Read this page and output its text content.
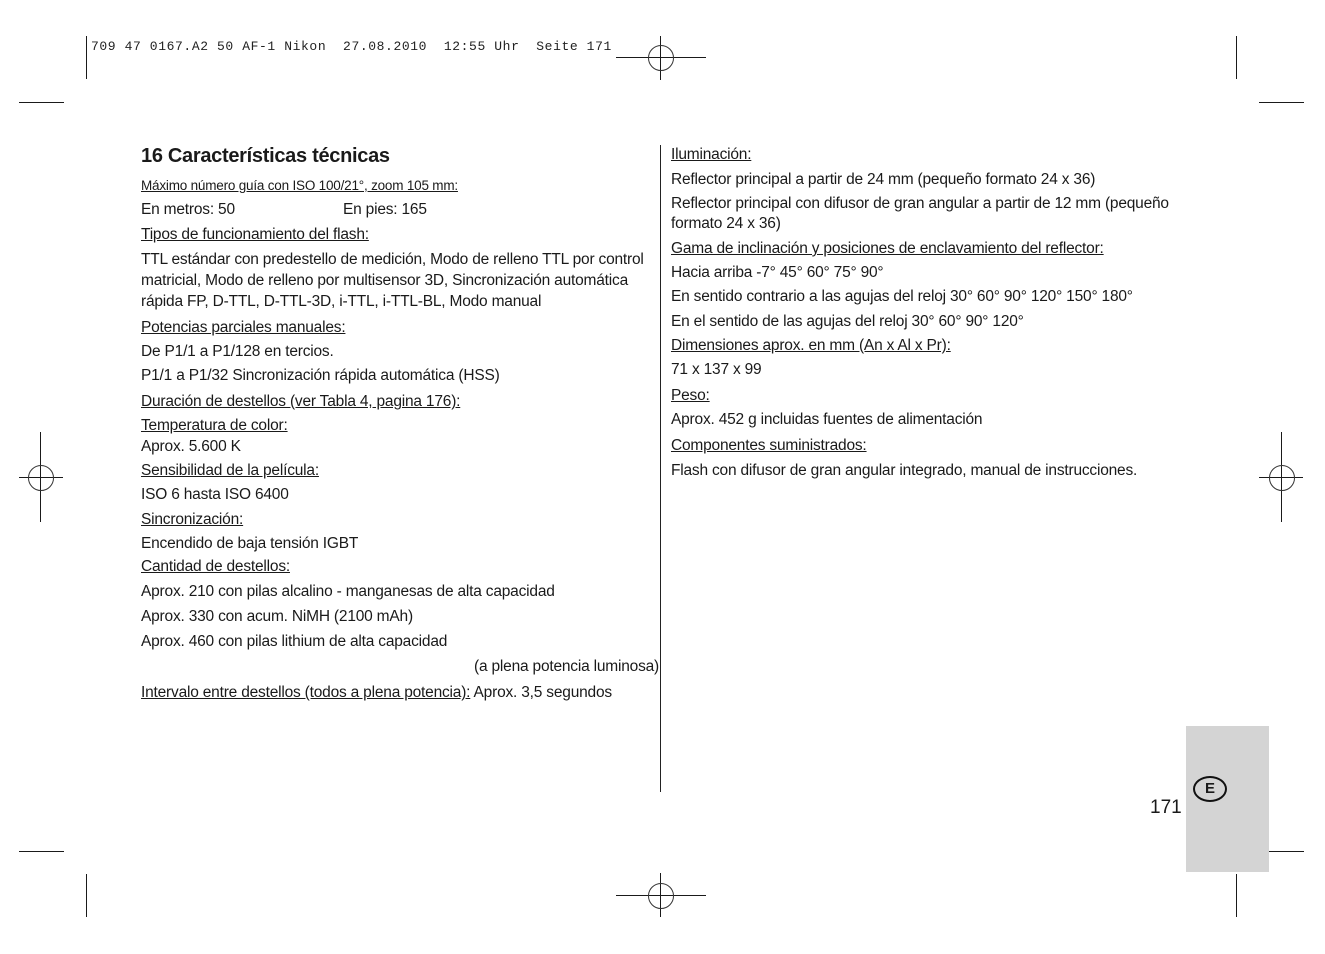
709 47 0167.A2 50 AF-1 Nikon  27.08.2010  12:55 Uhr  Seite 171
16 Características técnicas
Máximo número guía con ISO 100/21°, zoom 105 mm:
En metros: 50	En pies: 165
Tipos de funcionamiento del flash:
TTL estándar con predestello de medición, Modo de relleno TTL por control
matricial, Modo de relleno por multisensor 3D, Sincronización automática
rápida FP, D-TTL, D-TTL-3D, i-TTL, i-TTL-BL, Modo manual
Potencias parciales manuales:
De P1/1 a P1/128 en tercios.
P1/1 a P1/32 Sincronización rápida automática (HSS)
Duración de destellos (ver Tabla 4, pagina 176):
Temperatura de color:
Aprox. 5.600 K
Sensibilidad de la película:
ISO 6 hasta ISO 6400
Sincronización:
Encendido de baja tensión IGBT
Cantidad de destellos:
Aprox. 210 con pilas alcalino - manganesas de alta capacidad
Aprox. 330 con acum. NiMH (2100 mAh)
Aprox. 460 con pilas lithium de alta capacidad
(a plena potencia luminosa)
Intervalo entre destellos (todos a plena potencia): Aprox. 3,5 segundos
Iluminación:
Reflector principal a partir de 24 mm (pequeño formato 24 x 36)
Reflector principal con difusor de gran angular a partir de 12 mm (pequeño
formato 24 x 36)
Gama de inclinación y posiciones de enclavamiento del reflector:
Hacia arriba -7° 45° 60° 75° 90°
En sentido contrario a las agujas del reloj 30° 60° 90° 120° 150° 180°
En el sentido de las agujas del reloj 30° 60° 90° 120°
Dimensiones aprox. en mm (An x Al x Pr):
71 x 137 x 99
Peso:
Aprox. 452 g incluidas fuentes de alimentación
Componentes suministrados:
Flash con difusor de gran angular integrado, manual de instrucciones.
E
171
